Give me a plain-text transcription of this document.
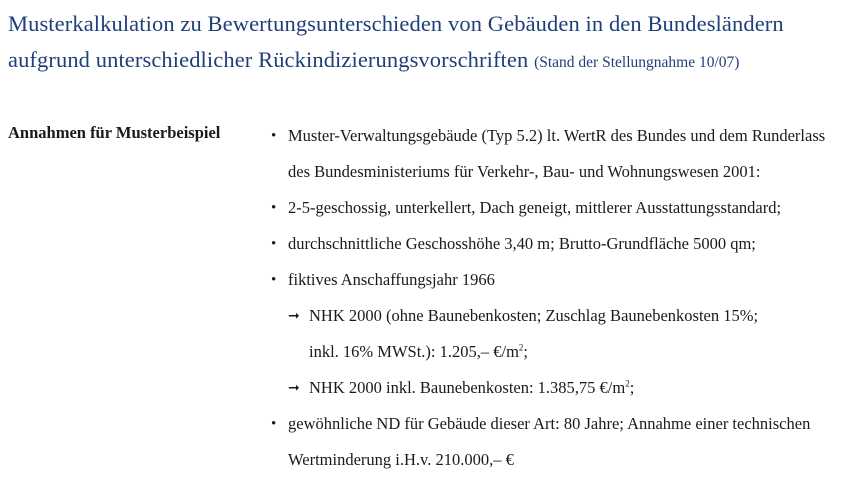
Musterkalkulation zu Bewertungsunterschieden von Gebäuden in den Bundesländern
aufgrund unterschiedlicher Rückindizierungsvorschriften (Stand der Stellungnahme 10/07)
Annahmen für Musterbeispiel	• Muster-Verwaltungsgebäude (Typ 5.2) lt. WertR des Bundes und dem Runderlass
des Bundesministeriums für Verkehr-, Bau- und Wohnungswesen 2001:
• 2-5-geschossig, unterkellert, Dach geneigt, mittlerer Ausstattungsstandard;
• durchschnittliche Geschosshöhe 3,40 m; Brutto-Grundfläche 5000 qm;
• fiktives Anschaffungsjahr 1966
➞ NHK 2000 (ohne Baunebenkosten; Zuschlag Baunebenkosten 15%;
inkl. 16% MWSt.): 1.205,– $€/m^2$;
➞ NHK 2000 inkl. Baunebenkosten: 1.385,75 $€/m^2$;
• gewöhnliche ND für Gebäude dieser Art: 80 Jahre; Annahme einer technischen
Wertminderung i.H.v. 210.000,– €
